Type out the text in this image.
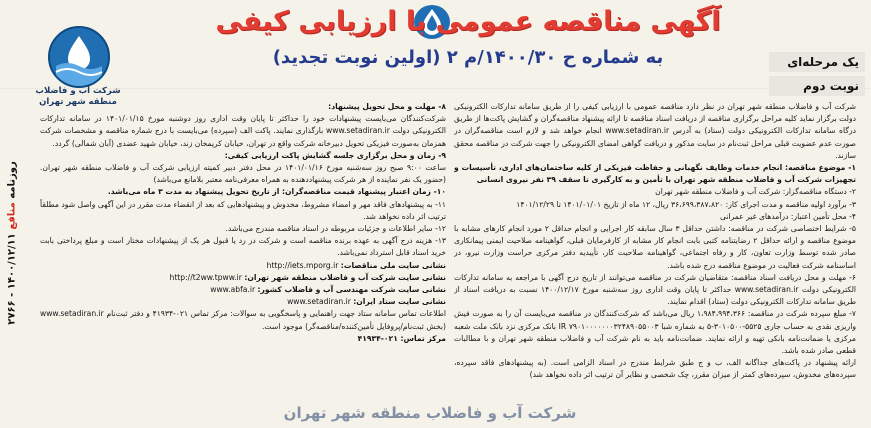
شرکت آب و فاضلاب
منطقه شهر تهران
آگهی مناقصه عمومی با ارزیابی کیفی
به شماره ح ۱۴۰۰/۳۰/م ۲ (اولین نوبت تجدید)	یک مرحله‌ای
نوبت دوم
روزنامه منافع ۱۴۰۰/۱۲/۱۱ - ۲۷۶۶

شرکت آب و فاضلاب منطقه شهر تهران در نظر دارد مناقصه عمومی با ارزیابی کیفی را از طریق سامانه تدارکات الکترونیکی دولت برگزار نماید کلیه مراحل برگزاری مناقصه از دریافت اسناد مناقصه تا ارائه پیشنهاد مناقصه‌گران و گشایش پاکت‌ها از طریق درگاه سامانه تدارکات الکترونیکی دولت (ستاد) به آدرس www.setadiran.ir انجام خواهد شد و لازم است مناقصه‌گران در صورت عدم عضویت قبلی مراحل ثبت‌نام در سایت مذکور و دریافت گواهی امضای الکترونیکی را جهت شرکت در مناقصه محقق سازند.

۱- موضوع مناقصه: انجام خدمات وظایف نگهبانی و حفاظت فیزیکی از کلیه ساختمان‌های اداری، تأسیسات و تجهیزات شرکت آب و فاضلاب منطقه شهر تهران با تأمین و به کارگیری تا سقف ۳۹ نفر نیروی انسانی

۲- دستگاه مناقصه‌گزار: شرکت آب و فاضلاب منطقه شهر تهران

۳- برآورد اولیه مناقصه و مدت اجرای کار: ۳۶،۶۹۹،۳۸۷،۸۲۰ ریال، ۱۲ ماه از تاریخ ۱۴۰۱/۰۱/۰۱ تا ۱۴۰۱/۱۲/۲۹

۴- محل تأمین اعتبار: درآمدهای غیر عمرانی

۵- شرایط اختصاصی شرکت در مناقصه: داشتن حداقل ۳ سال سابقه کار اجرایی و انجام حداقل ۲ مورد انجام کارهای مشابه با موضوع مناقصه و ارائه حداقل ۲ رضایتنامه کتبی بابت انجام کار مشابه از کارفرمایان قبلی، گواهینامه صلاحیت ایمنی پیمانکاری صادر شده توسط وزارت تعاون، کار و رفاه اجتماعی، گواهینامه صلاحیت کار، تأییدیه دفتر مرکزی حراست وزارت نیرو، در اساسنامه شرکت فعالیت در موضوع مناقصه درج شده باشد.

۶- مهلت و محل دریافت اسناد مناقصه: متقاضیان شرکت در مناقصه می‌توانند از تاریخ درج آگهی با مراجعه به سامانه تدارکات الکترونیکی دولت www.setadiran.ir حداکثر تا پایان وقت اداری روز سه‌شنبه مورخ ۱۴۰۰/۱۲/۱۷ نسبت به دریافت اسناد از طریق سامانه تدارکات الکترونیکی دولت (ستاد) اقدام نمایند.

۷- مبلغ سپرده شرکت در مناقصه: ۱،۹۸۴،۹۹۴،۳۶۶ ریال می‌باشد که شرکت‌کنندگان در مناقصه می‌بایست آن را به صورت فیش واریزی نقدی به حساب جاری ۵۵۲۵-۳۰۱۰۵۰۰-۵ به شماره شبا IR ۷۹۰۱۰۰۰۰۰۰۰۳۲۴۸۹۰۵۵۰۰۳ بانک مرکزی نزد بانک ملت شعبه مرکزی یا ضمانت‌نامه بانکی تهیه و ارائه نمایند. ضمانت‌نامه باید به نام شرکت آب و فاضلاب منطقه شهر تهران و با مطالبات قطعی صادر شده باشد.

ارائه پیشنهاد در پاکت‌های جداگانه الف، ب و ج طبق شرایط مندرج در اسناد الزامی است. (به پیشنهادهای فاقد سپرده، سپرده‌های مخدوش، سپرده‌های کمتر از میزان مقرر، چک شخصی و نظایر آن ترتیب اثر داده نخواهد شد)

۸- مهلت و محل تحویل پیشنهاد:

شرکت‌کنندگان می‌بایست پیشنهادات خود را حداکثر تا پایان وقت اداری روز دوشنبه مورخ ۱۴۰۱/۰۱/۱۵ در سامانه تدارکات الکترونیکی دولت www.setadiran.ir بارگذاری نمایند. پاکت الف (سپرده) می‌بایست با درج شماره مناقصه و مشخصات شرکت همزمان به‌صورت فیزیکی تحویل دبیرخانه شرکت واقع در تهران، خیابان کریمخان زند، خیابان شهید عضدی (آبان شمالی) گردد.

۹- زمان و محل برگزاری جلسه گشایش پاکت ارزیابی کیفی:

ساعت ۹:۰۰ صبح روز سه‌شنبه مورخ ۱۴۰۱/۰۱/۱۶ در محل دفتر دبیر کمیته ارزیابی شرکت آب و فاضلاب منطقه شهر تهران. (حضور یک نفر نماینده از هر شرکت پیشنهاددهنده به همراه معرفی‌نامه معتبر بلامانع می‌باشد)

۱۰- زمان اعتبار پیشنهاد قیمت مناقصه‌گران: از تاریخ تحویل پیشنهاد به مدت ۳ ماه می‌باشد.

۱۱- به پیشنهادهای فاقد مهر و امضاء مشروط، مخدوش و پیشنهادهایی که بعد از انقضاء مدت مقرر در این آگهی واصل شود مطلقاً ترتیب اثر داده نخواهد شد.

۱۲- سایر اطلاعات و جزئیات مربوطه در اسناد مناقصه مندرج می‌باشد.

۱۳- هزینه درج آگهی به عهده برنده مناقصه است و شرکت در رد یا قبول هر یک از پیشنهادات مختار است و مبلغ پرداختی بابت خرید اسناد قابل استرداد نمی‌باشد.

نشانی سایت ملی مناقصات: http://iets.mporg.ir

نشانی سایت شرکت آب و فاضلاب منطقه شهر تهران: http://t2ww.tpww.ir

نشانی سایت شرکت مهندسی آب و فاضلاب کشور: www.abfa.ir

نشانی سایت ستاد ایران: www.setadiran.ir

اطلاعات تماس سامانه ستاد جهت راهنمایی و پاسخگویی به سوالات: مرکز تماس ۰۲۱-۴۱۹۳۴ و دفتر ثبت‌نام www.setadiran.ir (بخش ثبت‌نام/پروفایل تأمین‌کننده/مناقصه‌گر) موجود است.

مرکز تماس: ۰۲۱-۴۱۹۳۴

شرکت آب و فاضلاب منطقه شهر تهران
